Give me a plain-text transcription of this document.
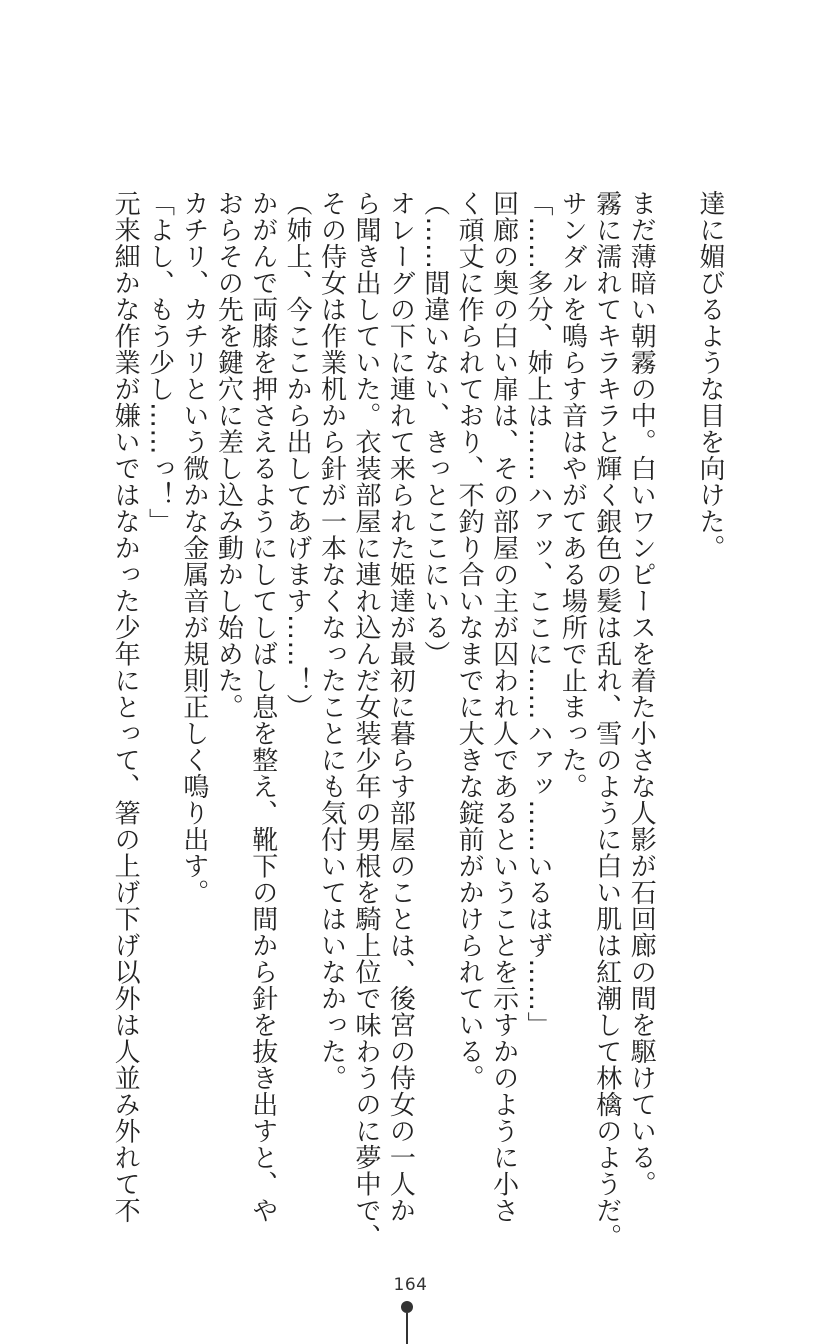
達に媚びるような目を向けた。
まだ薄暗い朝霧の中。白いワンピースを着た小さな人影が石回廊の間を駆けている。
霧に濡れてキラキラと輝く銀色の髪は乱れ、雪のように白い肌は紅潮して林檎のようだ。
サンダルを鳴らす音はやがてある場所で止まった。
「……多分、姉上は……ハァッ、ここに……ハァッ……いるはず……」
回廊の奥の白い扉は、その部屋の主が囚われ人であるということを示すかのように小さ
く頑丈に作られており、不釣り合いなまでに大きな錠前がかけられている。
（……間違いない、きっとここにいる）
オレーグの下に連れて来られた姫達が最初に暮らす部屋のことは、後宮の侍女の一人か
ら聞き出していた。衣装部屋に連れ込んだ女装少年の男根を騎上位で味わうのに夢中で、
その侍女は作業机から針が一本なくなったことにも気付いてはいなかった。
（姉上、今ここから出してあげます……！）
かがんで両膝を押さえるようにしてしばし息を整え、靴下の間から針を抜き出すと、や
おらその先を鍵穴に差し込み動かし始めた。
カチリ、カチリという微かな金属音が規則正しく鳴り出す。
「よし、もう少し……っ！」
元来細かな作業が嫌いではなかった少年にとって、箸の上げ下げ以外は人並み外れて不
164
